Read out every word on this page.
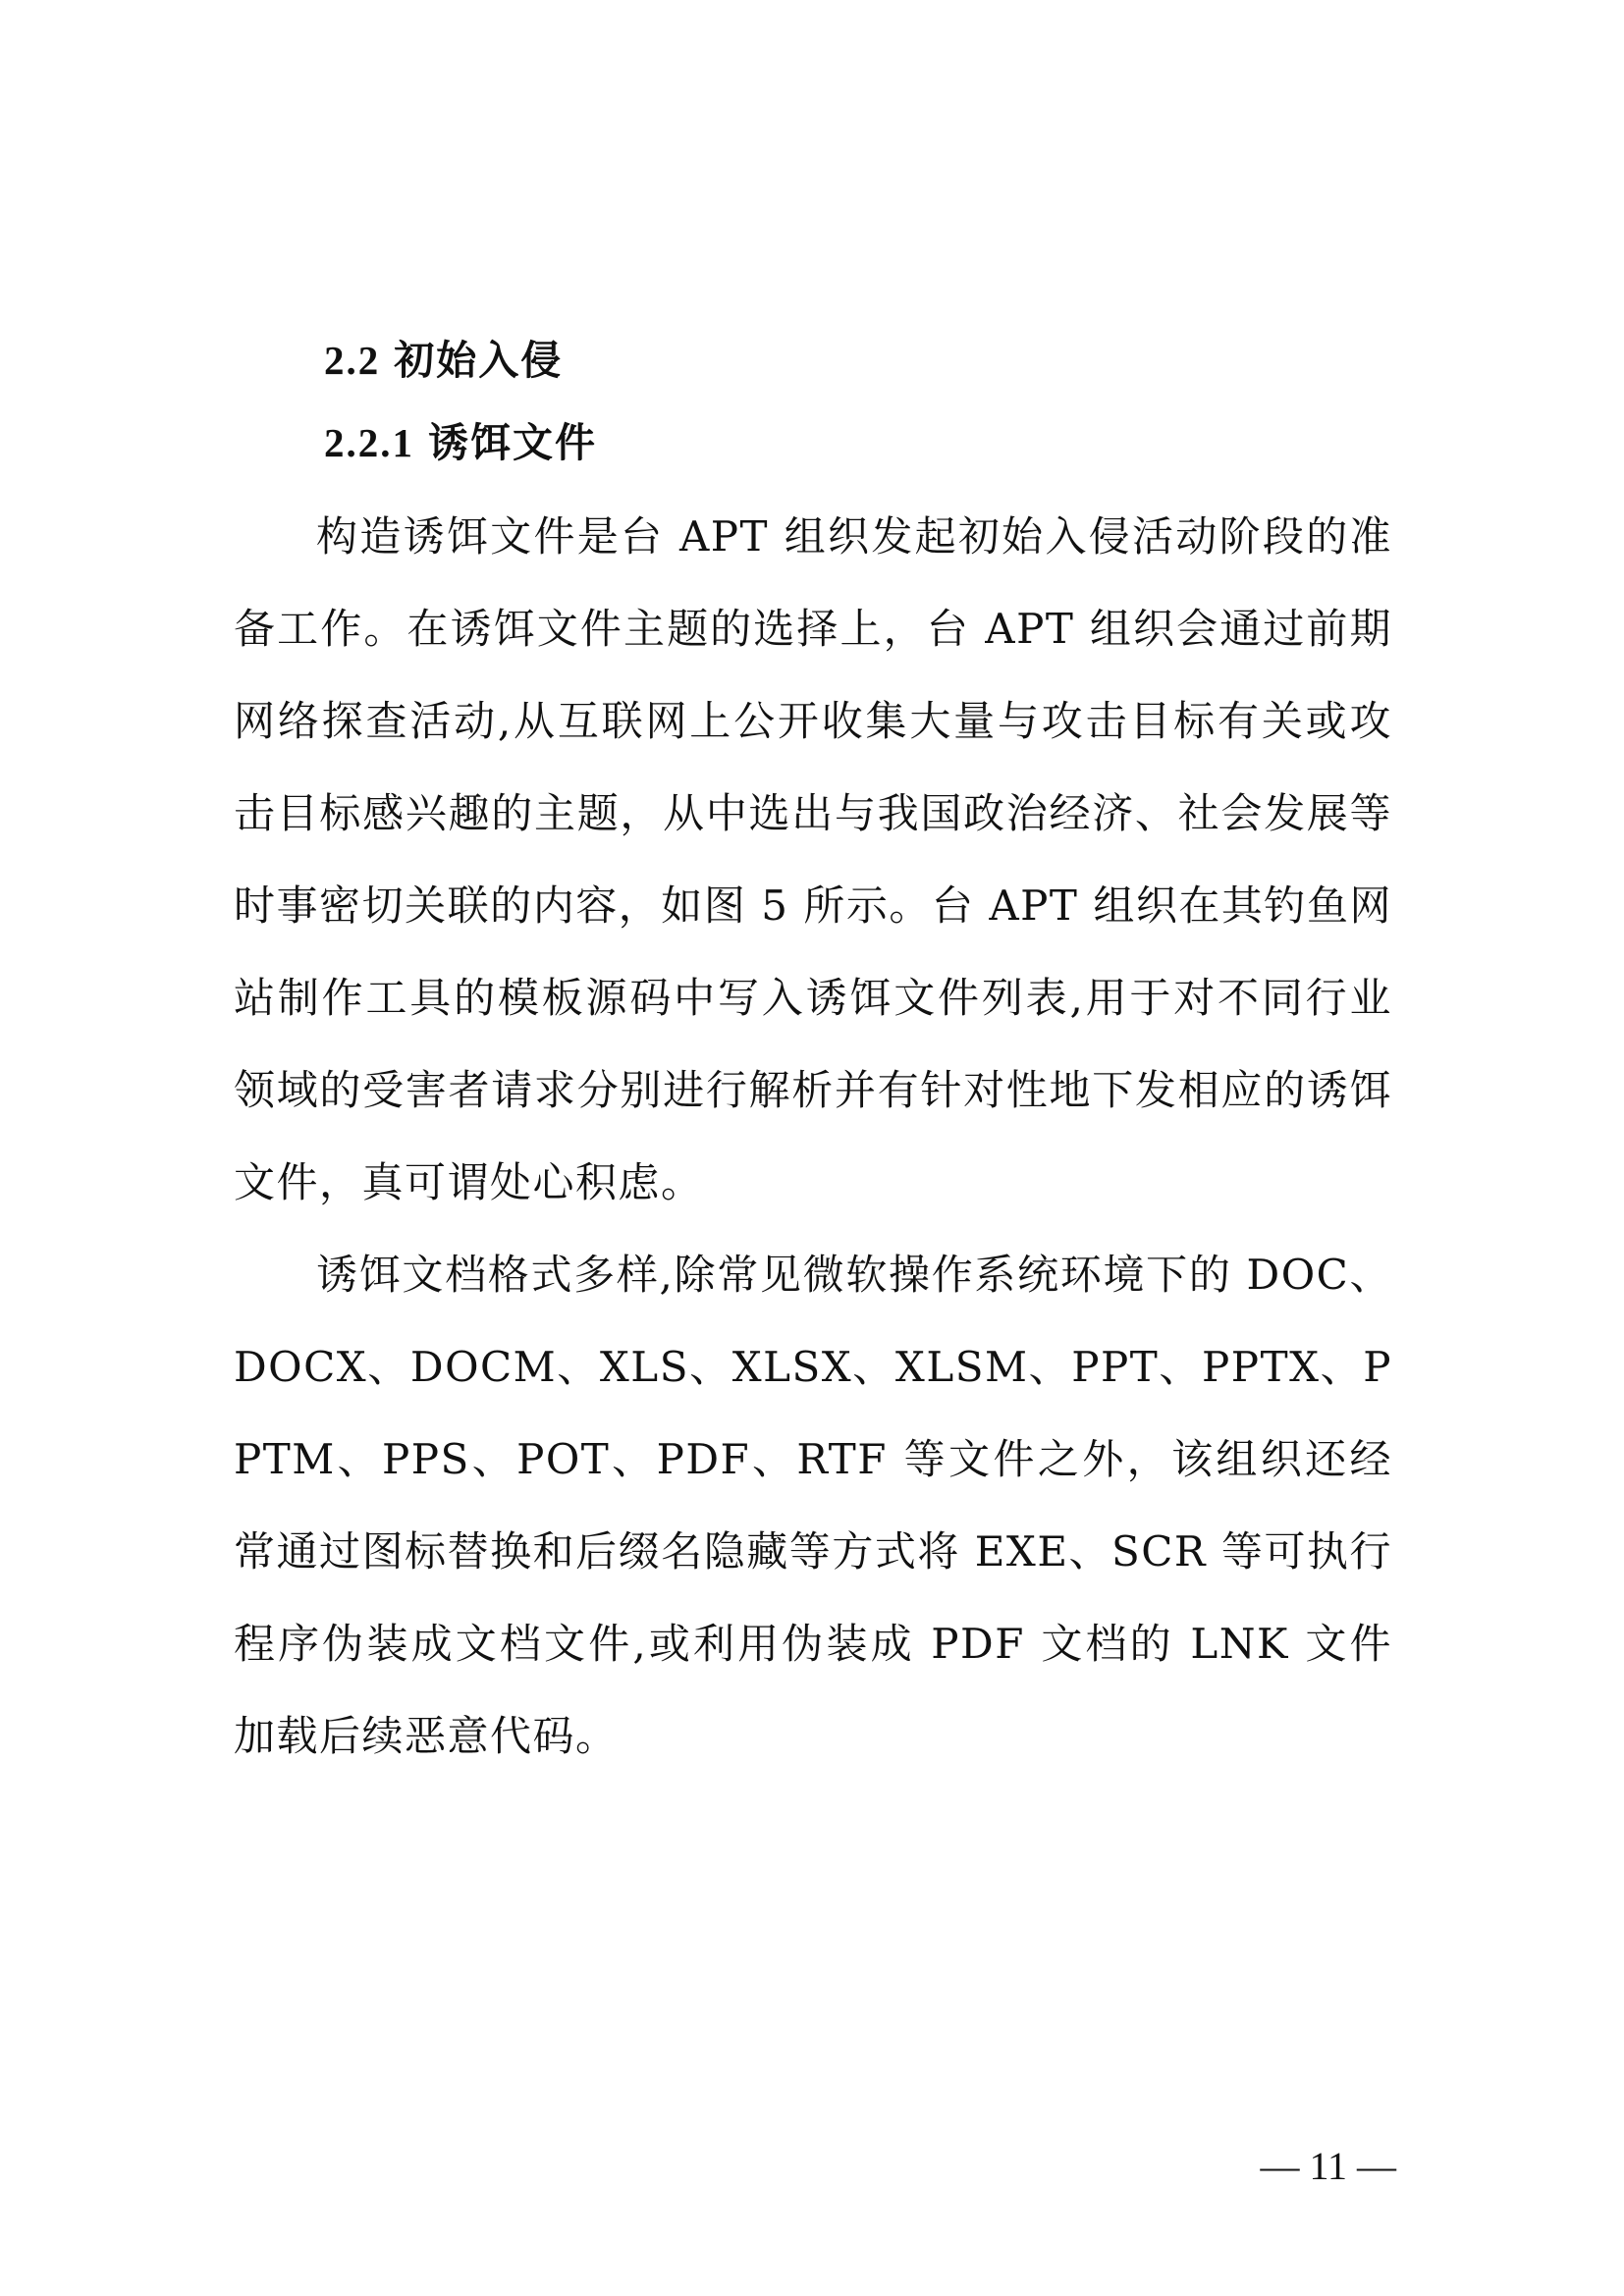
2.2 初始入侵
2.2.1 诱饵文件

构造诱饵文件是台 APT 组织发起初始入侵活动阶段的准备工作。在诱饵文件主题的选择上，台 APT 组织会通过前期网络探查活动,从互联网上公开收集大量与攻击目标有关或攻击目标感兴趣的主题，从中选出与我国政治经济、社会发展等时事密切关联的内容，如图 5 所示。台 APT 组织在其钓鱼网站制作工具的模板源码中写入诱饵文件列表,用于对不同行业领域的受害者请求分别进行解析并有针对性地下发相应的诱饵文件，真可谓处心积虑。

诱饵文档格式多样,除常见微软操作系统环境下的 DOC、DOCX、DOCM、XLS、XLSX、XLSM、PPT、PPTX、PPTM、PPS、POT、PDF、RTF 等文件之外，该组织还经常通过图标替换和后缀名隐藏等方式将 EXE、SCR 等可执行程序伪装成文档文件,或利用伪装成 PDF 文档的 LNK 文件加载后续恶意代码。

— 11 —
